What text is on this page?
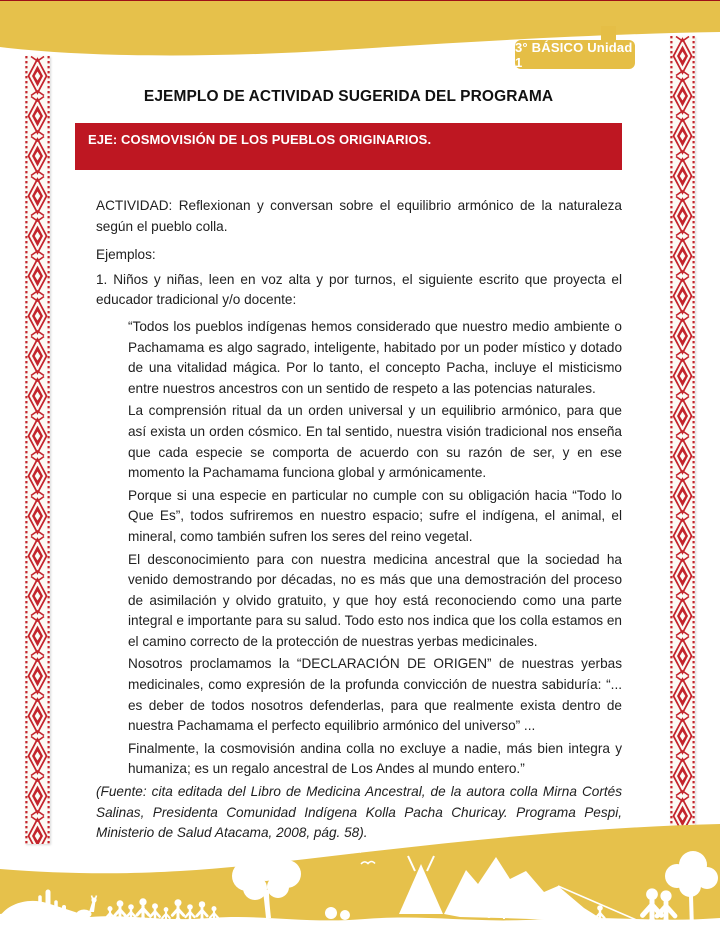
3° BÁSICO Unidad 1
EJEMPLO DE ACTIVIDAD SUGERIDA DEL PROGRAMA
EJE: COSMOVISIÓN DE LOS PUEBLOS ORIGINARIOS.

ACTIVIDAD: Reflexionan y conversan sobre el equilibrio armónico de la naturaleza según el pueblo colla.

Ejemplos:

1. Niños y niñas, leen en voz alta y por turnos, el siguiente escrito que proyecta el educador tradicional y/o docente:

“Todos los pueblos indígenas hemos considerado que nuestro medio ambiente o Pachamama es algo sagrado, inteligente, habitado por un poder místico y dotado de una vitalidad mágica. Por lo tanto, el concepto Pacha, incluye el misticismo entre nuestros ancestros con un sentido de respeto a las potencias naturales.

La comprensión ritual da un orden universal y un equilibrio armónico, para que así exista un orden cósmico. En tal sentido, nuestra visión tradicional nos enseña que cada especie se comporta de acuerdo con su razón de ser, y en ese momento la Pachamama funciona global y armónicamente.

Porque si una especie en particular no cumple con su obligación hacia “Todo lo Que Es”, todos sufriremos en nuestro espacio; sufre el indígena, el animal, el mineral, como también sufren los seres del reino vegetal.

El desconocimiento para con nuestra medicina ancestral que la sociedad ha venido demostrando por décadas, no es más que una demostración del proceso de asimilación y olvido gratuito, y que hoy está reconociendo como una parte integral e importante para su salud. Todo esto nos indica que los colla estamos en el camino correcto de la protección de nuestras yerbas medicinales.

Nosotros proclamamos la “DECLARACIÓN DE ORIGEN” de nuestras yerbas medicinales, como expresión de la profunda convicción de nuestra sabiduría: “... es deber de todos nosotros defenderlas, para que realmente exista dentro de nuestra Pachamama el perfecto equilibrio armónico del universo” ...

Finalmente, la cosmovisión andina colla no excluye a nadie, más bien integra y humaniza; es un regalo ancestral de Los Andes al mundo entero.”

(Fuente: cita editada del Libro de Medicina Ancestral, de la autora colla Mirna Cortés Salinas, Presidenta Comunidad Indígena Kolla Pacha Churicay. Programa Pespi, Ministerio de Salud Atacama, 2008, pág. 58).
